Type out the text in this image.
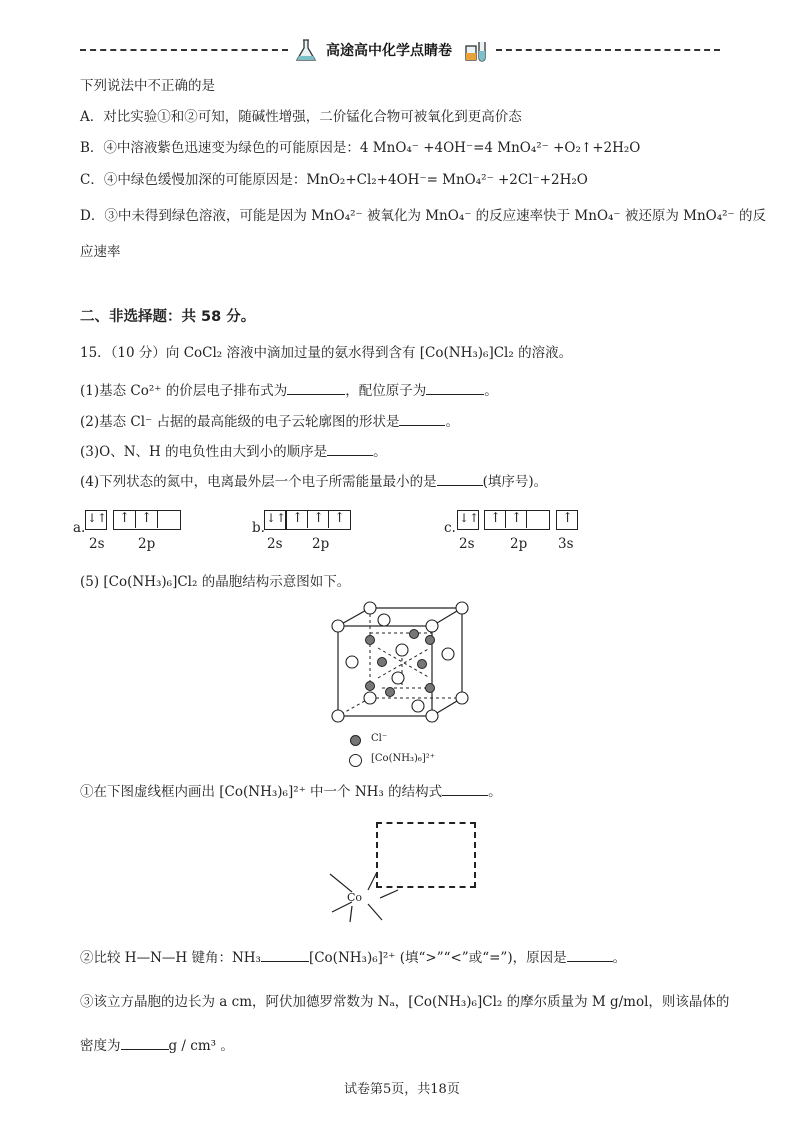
高途高中化学点睛卷
下列说法中不正确的是
A．对比实验①和②可知，随碱性增强，二价锰化合物可被氧化到更高价态
B．④中溶液紫色迅速变为绿色的可能原因是：4 MnO₄⁻ +4OH⁻=4 MnO₄²⁻ +O₂↑+2H₂O
C．④中绿色缓慢加深的可能原因是：MnO₂+Cl₂+4OH⁻= MnO₄²⁻ +2Cl⁻+2H₂O
D．③中未得到绿色溶液，可能是因为 MnO₄²⁻ 被氧化为 MnO₄⁻ 的反应速率快于 MnO₄⁻ 被还原为 MnO₄²⁻ 的反
应速率
二、非选择题：共 58 分。
15．（10 分）向 CoCl₂ 溶液中滴加过量的氨水得到含有 [Co(NH₃)₆]Cl₂ 的溶液。
(1)基态 Co²⁺ 的价层电子排布式为	，配位原子为	。
(2)基态 Cl⁻ 占据的最高能级的电子云轮廓图的形状是	。
(3)O、N、H 的电负性由大到小的顺序是	。
(4)下列状态的氮中，电离最外层一个电子所需能量最小的是	(填序号)。
a.
↓↑ ↑ ↑
2s 2p
b.
↓↑ ↑ ↑ ↑
2s 2p
c.
↓↑ ↑ ↑	↑
2s	2p 3s
(5) [Co(NH₃)₆]Cl₂ 的晶胞结构示意图如下。
Cl⁻
[Co(NH₃)₆]²⁺
①在下图虚线框内画出 [Co(NH₃)₆]²⁺ 中一个 NH₃ 的结构式	。
Co
②比较 H—N—H 键角：NH₃	[Co(NH₃)₆]²⁺ (填“>”“<”或“=”)，原因是	。
③该立方晶胞的边长为 a cm，阿伏加德罗常数为 Nₐ，[Co(NH₃)₆]Cl₂ 的摩尔质量为 M g/mol，则该晶体的
密度为	g / cm³ 。
试卷第5页，共18页
